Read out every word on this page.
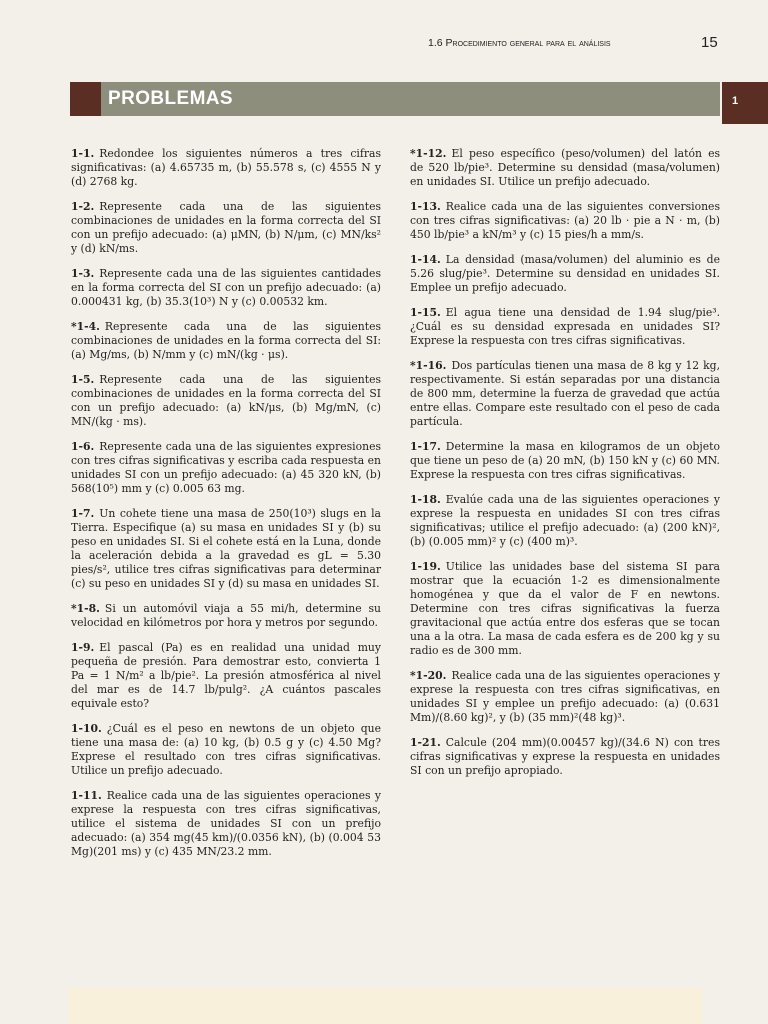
1.6 Procedimiento general para el análisis	15
PROBLEMAS	1

1-1. Redondee los siguientes números a tres cifras significativas: (a) 4.65735 m, (b) 55.578 s, (c) 4555 N y (d) 2768 kg.

1-2. Represente cada una de las siguientes combinaciones de unidades en la forma correcta del SI con un prefijo adecuado: (a) μMN, (b) N/μm, (c) MN/ks² y (d) kN/ms.

1-3. Represente cada una de las siguientes cantidades en la forma correcta del SI con un prefijo adecuado: (a) 0.000431 kg, (b) 35.3(10³) N y (c) 0.00532 km.

*1-4. Represente cada una de las siguientes combinaciones de unidades en la forma correcta del SI: (a) Mg/ms, (b) N/mm y (c) mN/(kg · μs).

1-5. Represente cada una de las siguientes combinaciones de unidades en la forma correcta del SI con un prefijo adecuado: (a) kN/μs, (b) Mg/mN, (c) MN/(kg · ms).

1-6. Represente cada una de las siguientes expresiones con tres cifras significativas y escriba cada respuesta en unidades SI con un prefijo adecuado: (a) 45 320 kN, (b) 568(10⁵) mm y (c) 0.005 63 mg.

1-7. Un cohete tiene una masa de 250(10³) slugs en la Tierra. Especifique (a) su masa en unidades SI y (b) su peso en unidades SI. Si el cohete está en la Luna, donde la aceleración debida a la gravedad es gL = 5.30 pies/s², utilice tres cifras significativas para determinar (c) su peso en unidades SI y (d) su masa en unidades SI.

*1-8. Si un automóvil viaja a 55 mi/h, determine su velocidad en kilómetros por hora y metros por segundo.

1-9. El pascal (Pa) es en realidad una unidad muy pequeña de presión. Para demostrar esto, convierta 1 Pa = 1 N/m² a lb/pie². La presión atmosférica al nivel del mar es de 14.7 lb/pulg². ¿A cuántos pascales equivale esto?

1-10. ¿Cuál es el peso en newtons de un objeto que tiene una masa de: (a) 10 kg, (b) 0.5 g y (c) 4.50 Mg? Exprese el resultado con tres cifras significativas. Utilice un prefijo adecuado.

1-11. Realice cada una de las siguientes operaciones y exprese la respuesta con tres cifras significativas, utilice el sistema de unidades SI con un prefijo adecuado: (a) 354 mg(45 km)/(0.0356 kN), (b) (0.004 53 Mg)(201 ms) y (c) 435 MN/23.2 mm.

*1-12. El peso específico (peso/volumen) del latón es de 520 lb/pie³. Determine su densidad (masa/volumen) en unidades SI. Utilice un prefijo adecuado.

1-13. Realice cada una de las siguientes conversiones con tres cifras significativas: (a) 20 lb · pie a N · m, (b) 450 lb/pie³ a kN/m³ y (c) 15 pies/h a mm/s.

1-14. La densidad (masa/volumen) del aluminio es de 5.26 slug/pie³. Determine su densidad en unidades SI. Emplee un prefijo adecuado.

1-15. El agua tiene una densidad de 1.94 slug/pie³. ¿Cuál es su densidad expresada en unidades SI? Exprese la respuesta con tres cifras significativas.

*1-16. Dos partículas tienen una masa de 8 kg y 12 kg, respectivamente. Si están separadas por una distancia de 800 mm, determine la fuerza de gravedad que actúa entre ellas. Compare este resultado con el peso de cada partícula.

1-17. Determine la masa en kilogramos de un objeto que tiene un peso de (a) 20 mN, (b) 150 kN y (c) 60 MN. Exprese la respuesta con tres cifras significativas.

1-18. Evalúe cada una de las siguientes operaciones y exprese la respuesta en unidades SI con tres cifras significativas; utilice el prefijo adecuado: (a) (200 kN)², (b) (0.005 mm)² y (c) (400 m)³.

1-19. Utilice las unidades base del sistema SI para mostrar que la ecuación 1-2 es dimensionalmente homogénea y que da el valor de F en newtons. Determine con tres cifras significativas la fuerza gravitacional que actúa entre dos esferas que se tocan una a la otra. La masa de cada esfera es de 200 kg y su radio es de 300 mm.

*1-20. Realice cada una de las siguientes operaciones y exprese la respuesta con tres cifras significativas, en unidades SI y emplee un prefijo adecuado: (a) (0.631 Mm)/(8.60 kg)², y (b) (35 mm)²(48 kg)³.

1-21. Calcule (204 mm)(0.00457 kg)/(34.6 N) con tres cifras significativas y exprese la respuesta en unidades SI con un prefijo apropiado.
